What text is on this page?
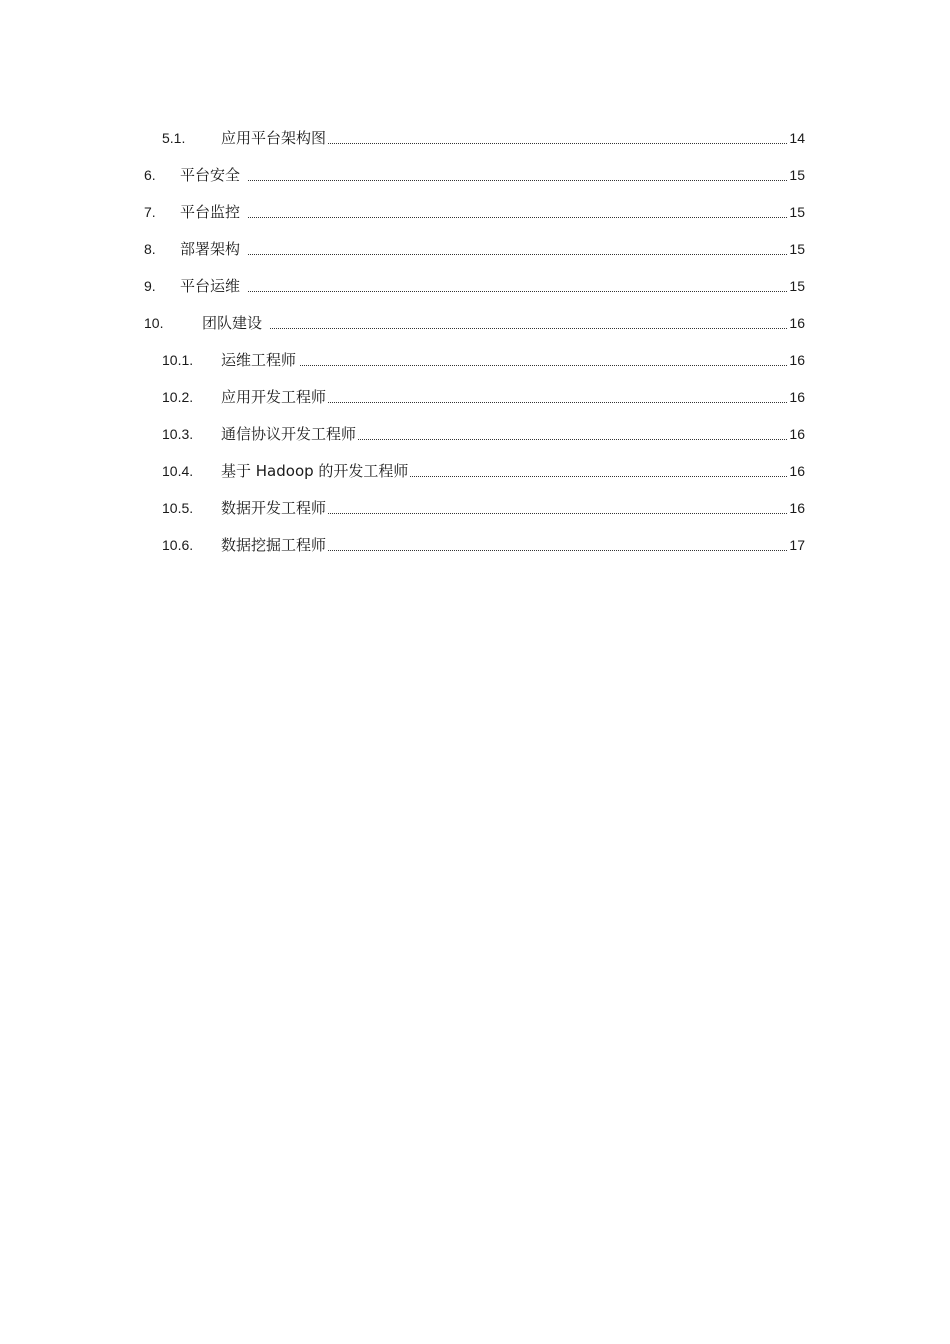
5.1. 应用平台架构图	14
6. 平台安全	15
7. 平台监控	15
8. 部署架构	15
9. 平台运维	15
10.	团队建设	16
10.1. 运维工程师	16
10.2. 应用开发工程师	16
10.3. 通信协议开发工程师	16
10.4. 基于 Hadoop 的开发工程师	16
10.5. 数据开发工程师	16
10.6. 数据挖掘工程师	17
